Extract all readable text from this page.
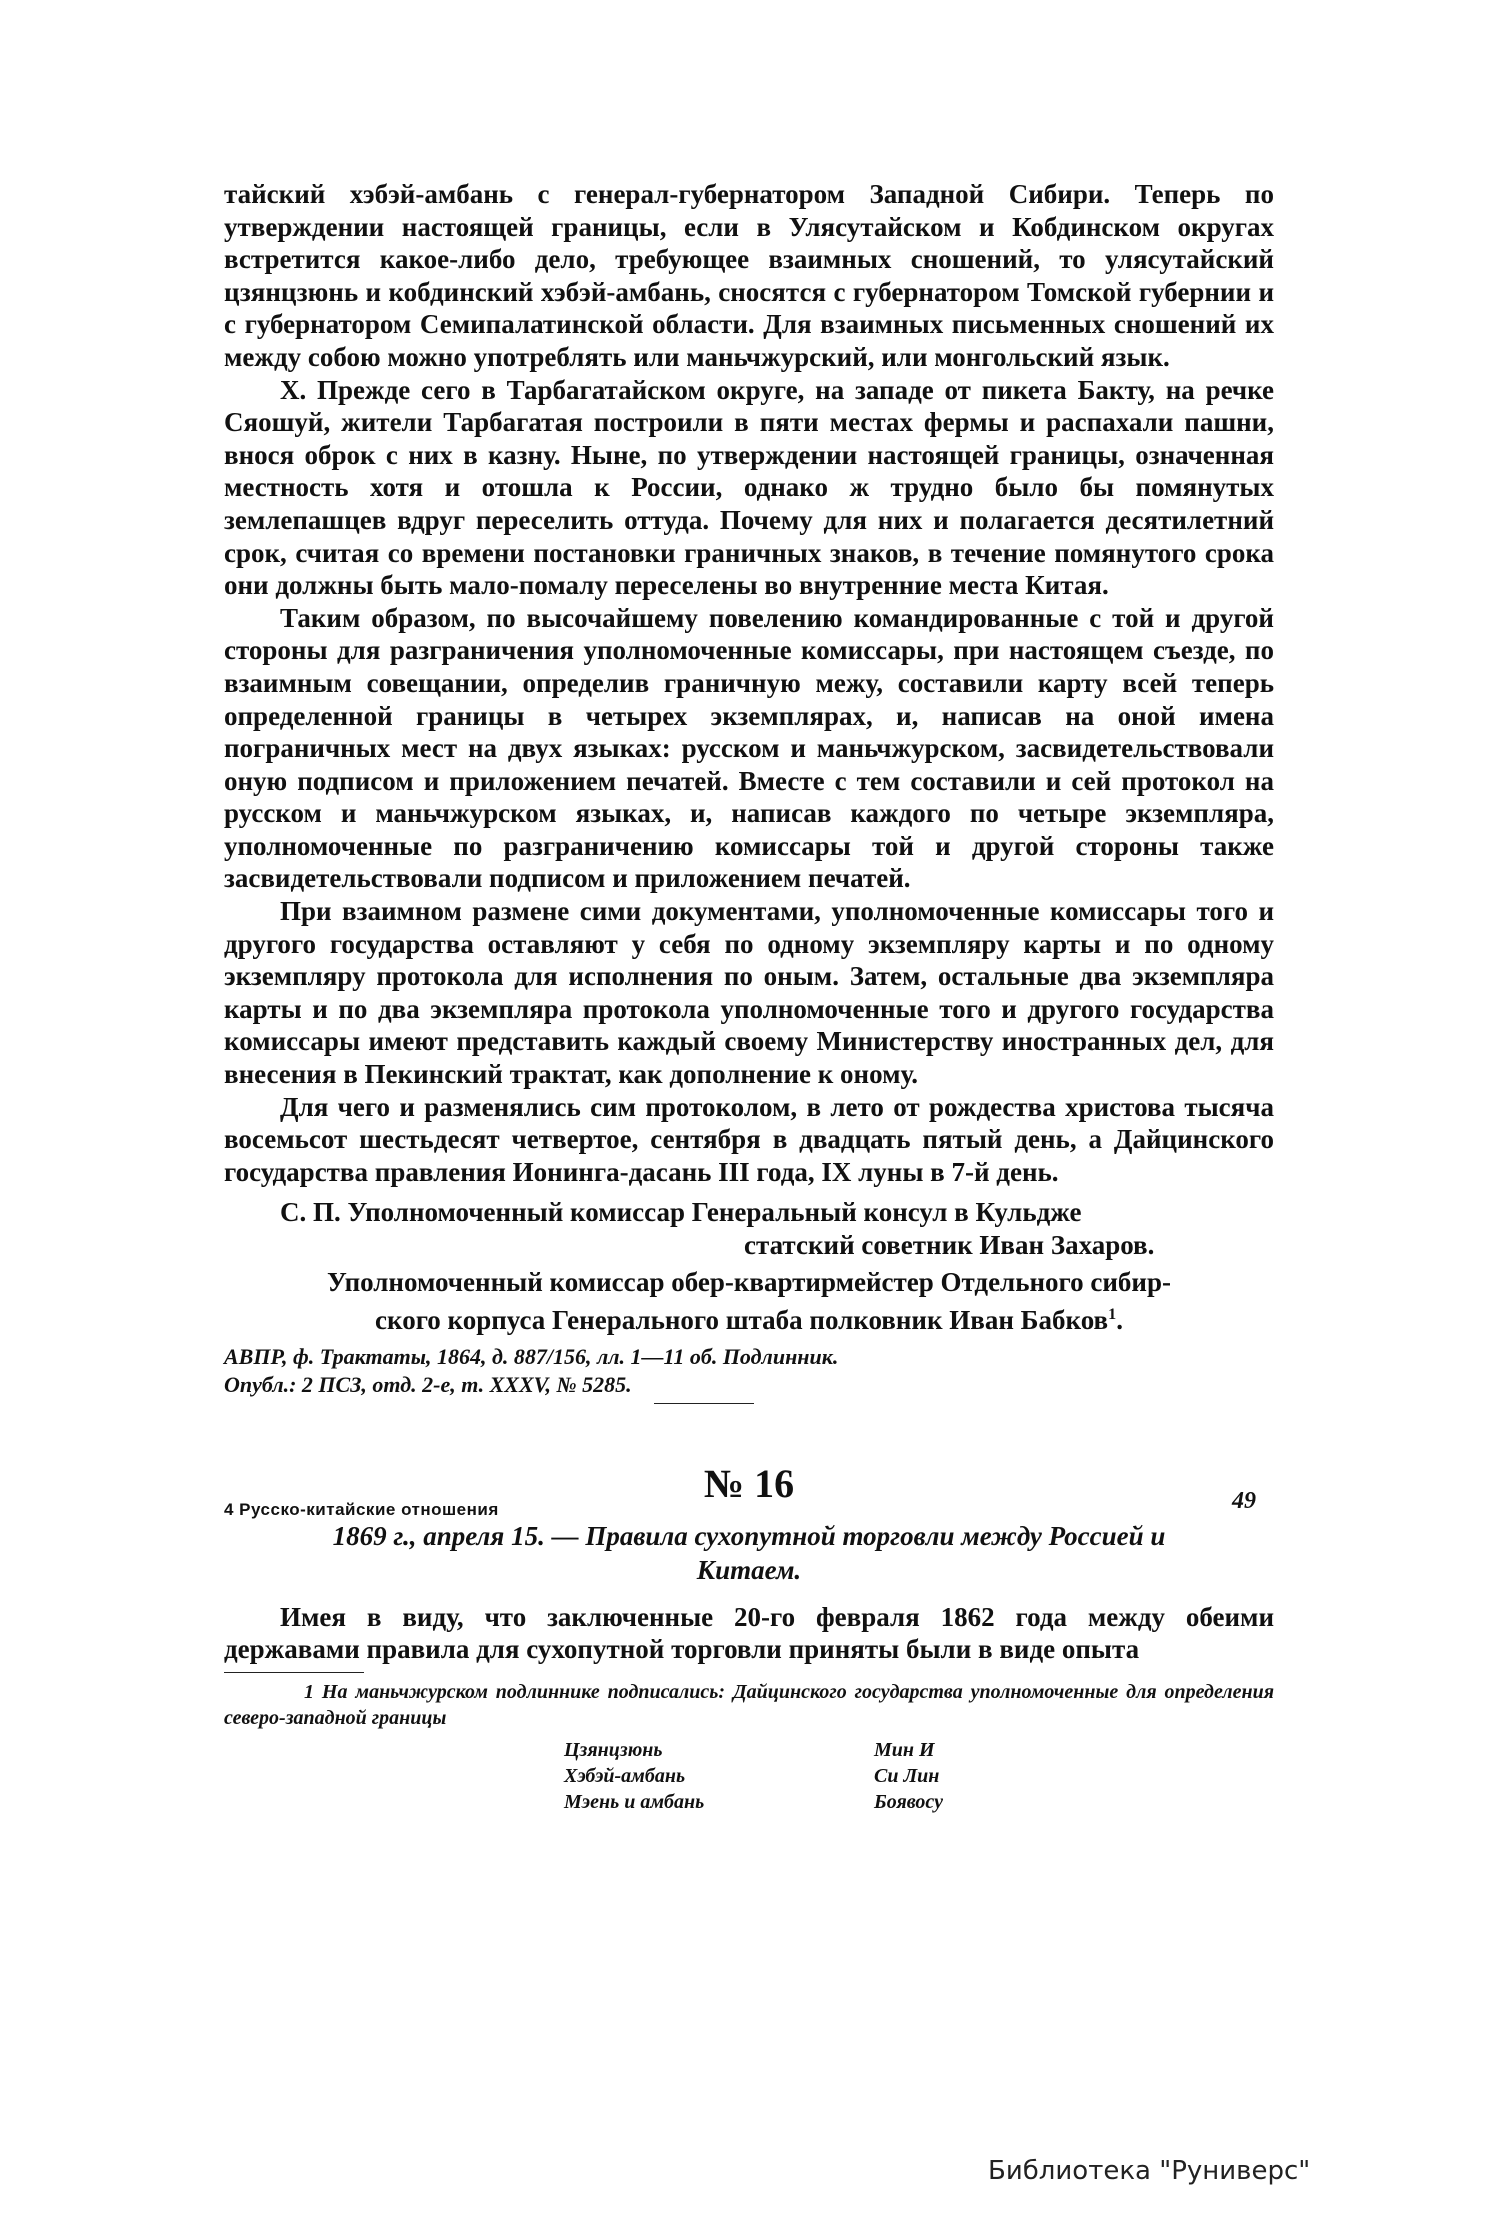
тайский хэбэй-амбань с генерал-губернатором Западной Сибири. Теперь по утверждении настоящей границы, если в Улясутайском и Кобдинском округах встретится какое-либо дело, требующее взаимных сношений, то улясутайский цзянцзюнь и кобдинский хэбэй-амбань, сносятся с губернатором Томской губернии и с губернатором Семипалатинской области. Для взаимных письменных сношений их между собою можно употреблять или маньчжурский, или монгольский язык.

X. Прежде сего в Тарбагатайском округе, на западе от пикета Бакту, на речке Сяошуй, жители Тарбагатая построили в пяти местах фермы и распахали пашни, внося оброк с них в казну. Ныне, по утверждении настоящей границы, означенная местность хотя и отошла к России, однако ж трудно было бы помянутых землепашцев вдруг переселить оттуда. Почему для них и полагается десятилетний срок, считая со времени постановки граничных знаков, в течение помянутого срока они должны быть мало-помалу переселены во внутренние места Китая.

Таким образом, по высочайшему повелению командированные с той и другой стороны для разграничения уполномоченные комиссары, при настоящем съезде, по взаимным совещании, определив граничную межу, составили карту всей теперь определенной границы в четырех экземплярах, и, написав на оной имена пограничных мест на двух языках: русском и маньчжурском, засвидетельствовали оную подписом и приложением печатей. Вместе с тем составили и сей протокол на русском и маньчжурском языках, и, написав каждого по четыре экземпляра, уполномоченные по разграничению комиссары той и другой стороны также засвидетельствовали подписом и приложением печатей.

При взаимном размене сими документами, уполномоченные комиссары того и другого государства оставляют у себя по одному экземпляру карты и по одному экземпляру протокола для исполнения по оным. Затем, остальные два экземпляра карты и по два экземпляра протокола уполномоченные того и другого государства комиссары имеют представить каждый своему Министерству иностранных дел, для внесения в Пекинский трактат, как дополнение к оному.

Для чего и разменялись сим протоколом, в лето от рождества христова тысяча восемьсот шестьдесят четвертое, сентября в двадцать пятый день, а Дайцинского государства правления Ионинга-дасань III года, IX луны в 7-й день.

С. П. Уполномоченный комиссар Генеральный консул в Кульдже
статский советник Иван Захаров.
Уполномоченный комиссар обер-квартирмейстер Отдельного сибир-
ского корпуса Генерального штаба полковник Иван Бабков$^1$.
АВПР, ф. Трактаты, 1864, д. 887/156, лл. 1—11 об. Подлинник.
Опубл.: 2 ПСЗ, отд. 2-е, т. XXXV, № 5285.
№ 16
1869 г., апреля 15. — Правила сухопутной торговли между Россией и Китаем.

Имея в виду, что заключенные 20-го февраля 1862 года между обеими державами правила для сухопутной торговли приняты были в виде опыта

1 На маньчжурском подлиннике подписались: Дайцинского государства уполномоченные для определения северо-западной границы

Цзянцзюнь	Мин И
Хэбэй-амбань	Си Лин
Мэень и амбань	Боявосу
4 Русско-китайские отношения	49
Библиотека "Руниверс"
